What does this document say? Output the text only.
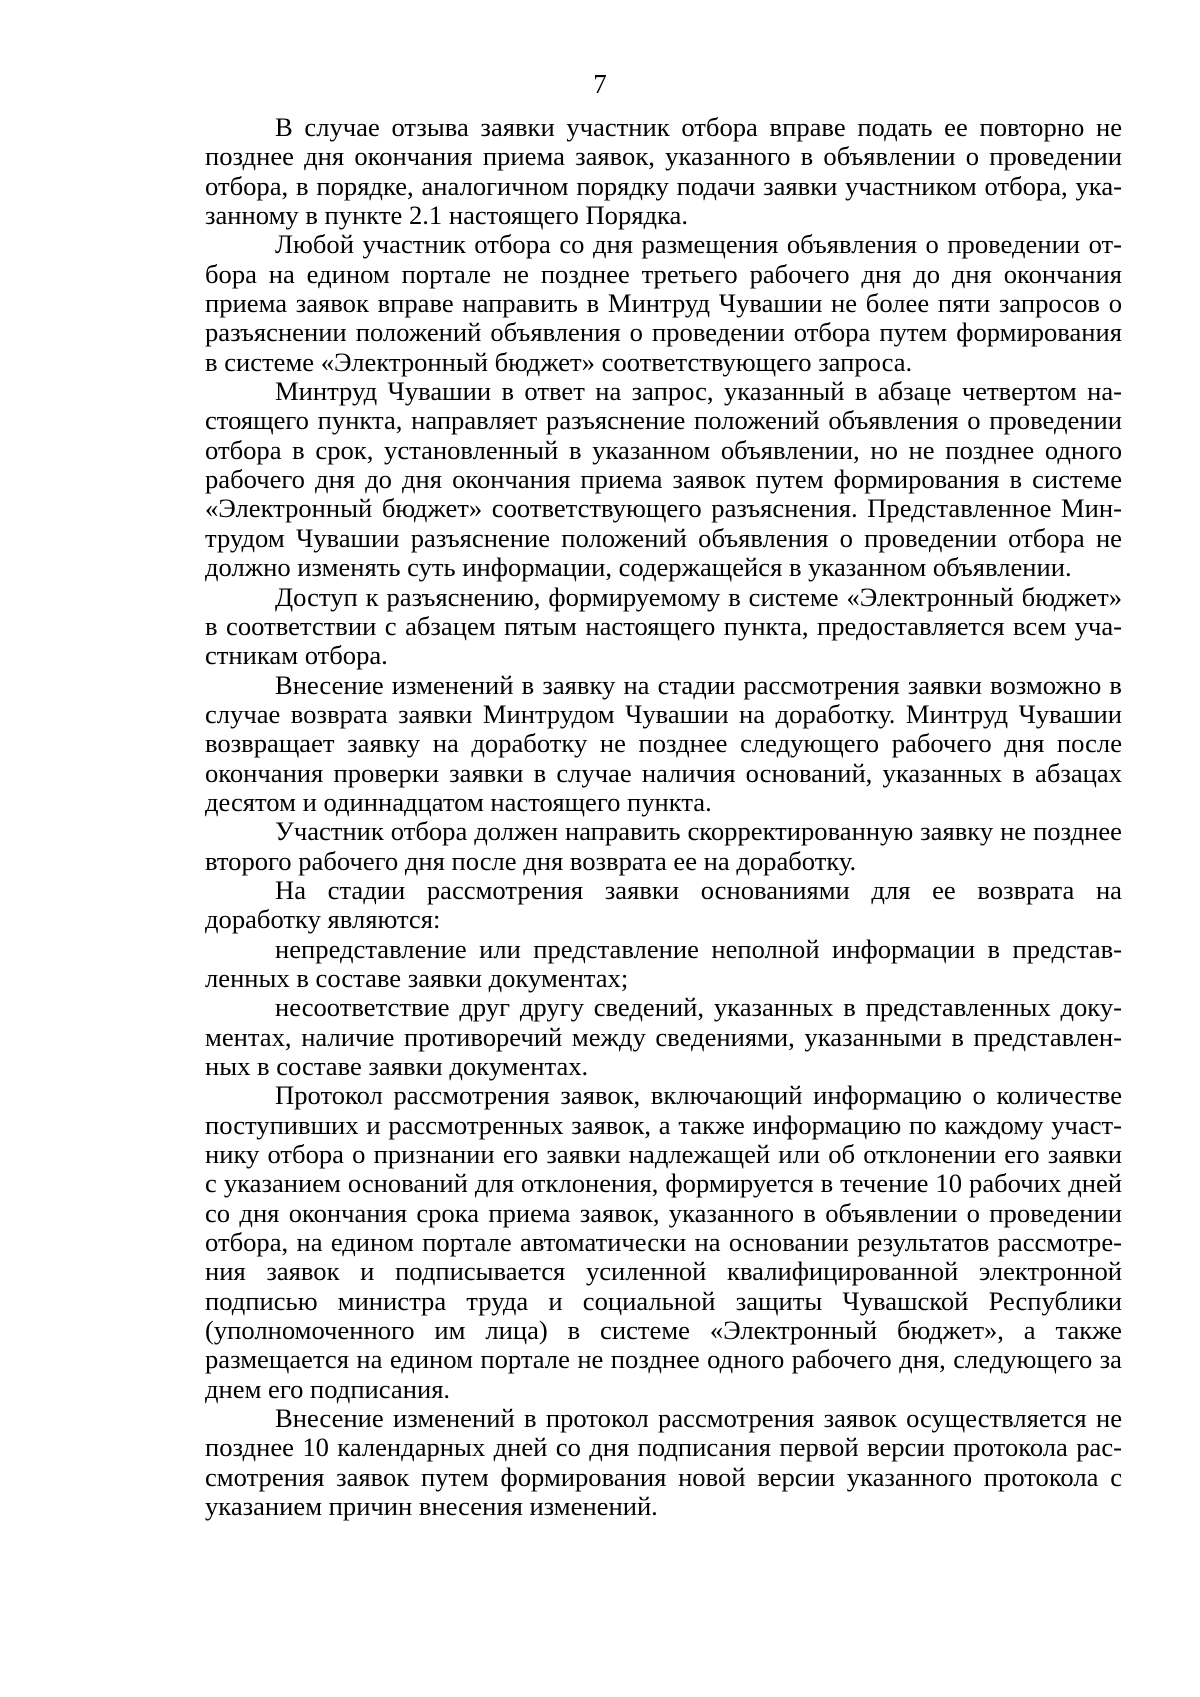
7

В случае отзыва заявки участник отбора вправе подать ее повторно не позднее дня окончания приема заявок, указанного в объявлении о проведении отбора, в порядке, аналогичном порядку подачи заявки участником отбора, указанному в пункте 2.1 настоящего Порядка.

Любой участник отбора со дня размещения объявления о проведении отбора на едином портале не позднее третьего рабочего дня до дня окончания приема заявок вправе направить в Минтруд Чувашии не более пяти запросов о разъяснении положений объявления о проведении отбора путем формирования в системе «Электронный бюджет» соответствующего запроса.

Минтруд Чувашии в ответ на запрос, указанный в абзаце четвертом настоящего пункта, направляет разъяснение положений объявления о проведении отбора в срок, установленный в указанном объявлении, но не позднее одного рабочего дня до дня окончания приема заявок путем формирования в системе «Электронный бюджет» соответствующего разъяснения. Представленное Минтрудом Чувашии разъяснение положений объявления о проведении отбора не должно изменять суть информации, содержащейся в указанном объявлении.

Доступ к разъяснению, формируемому в системе «Электронный бюджет» в соответствии с абзацем пятым настоящего пункта, предоставляется всем участникам отбора.

Внесение изменений в заявку на стадии рассмотрения заявки возможно в случае возврата заявки Минтрудом Чувашии на доработку. Минтруд Чувашии возвращает заявку на доработку не позднее следующего рабочего дня после окончания проверки заявки в случае наличия оснований, указанных в абзацах десятом и одиннадцатом настоящего пункта.

Участник отбора должен направить скорректированную заявку не позднее второго рабочего дня после дня возврата ее на доработку.

На стадии рассмотрения заявки основаниями для ее возврата на доработку являются:

непредставление или представление неполной информации в представленных в составе заявки документах;

несоответствие друг другу сведений, указанных в представленных документах, наличие противоречий между сведениями, указанными в представленных в составе заявки документах.

Протокол рассмотрения заявок, включающий информацию о количестве поступивших и рассмотренных заявок, а также информацию по каждому участнику отбора о признании его заявки надлежащей или об отклонении его заявки с указанием оснований для отклонения, формируется в течение 10 рабочих дней со дня окончания срока приема заявок, указанного в объявлении о проведении отбора, на едином портале автоматически на основании результатов рассмотрения заявок и подписывается усиленной квалифицированной электронной подписью министра труда и социальной защиты Чувашской Республики (уполномоченного им лица) в системе «Электронный бюджет», а также размещается на едином портале не позднее одного рабочего дня, следующего за днем его подписания.

Внесение изменений в протокол рассмотрения заявок осуществляется не позднее 10 календарных дней со дня подписания первой версии протокола рассмотрения заявок путем формирования новой версии указанного протокола с указанием причин внесения изменений.
